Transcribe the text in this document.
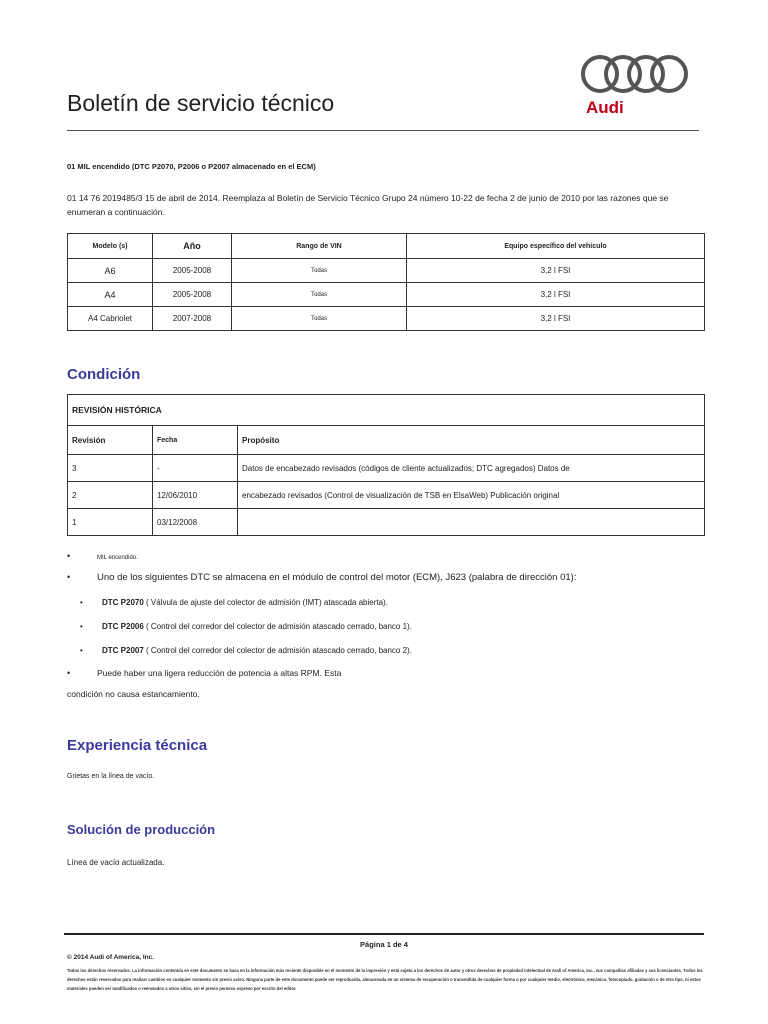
Boletín de servicio técnico	Audi
01 MIL encendido (DTC P2070, P2006 o P2007 almacenado en el ECM)
01 14 76 2019485/3 15 de abril de 2014. Reemplaza al Boletín de Servicio Técnico Grupo 24 número 10-22 de fecha 2 de junio de 2010 por las razones que se enumeran a continuación.
Modelo (s)	Año	Rango de VIN	Equipo específico del vehículo
A6	2005-2008	Todas	3,2 l FSI
A4	2005-2008	Todas	3,2 l FSI
A4 Cabriolet	2007-2008	Todas	3,2 l FSI
Condición
REVISIÓN HISTÓRICA		
Revisión	Fecha	Propósito
3	-	Datos de encabezado revisados (códigos de cliente actualizados; DTC agregados) Datos de
2	12/06/2010	encabezado revisados (Control de visualización de TSB en ElsaWeb) Publicación original
1	03/12/2008	
•	MIL encendido.
•	Uno de los siguientes DTC se almacena en el módulo de control del motor (ECM), J623 (palabra de dirección 01):
• DTC P2070 ( Válvula de ajuste del colector de admisión (IMT) atascada abierta).
• DTC P2006 ( Control del corredor del colector de admisión atascado cerrado, banco 1).
• DTC P2007 ( Control del corredor del colector de admisión atascado cerrado, banco 2).
•	Puede haber una ligera reducción de potencia a altas RPM. Esta
condición no causa estancamiento.
Experiencia técnica
Grietas en la línea de vacío.
Solución de producción
Línea de vacío actualizada.
Página 1 de 4
© 2014 Audi of America, Inc.
Todos los derechos reservados. La información contenida en este documento se basa en la información más reciente disponible en el momento de la impresión y está sujeta a los derechos de autor y otros derechos de propiedad intelectual de Audi of America, Inc., sus compañías afiliadas y sus licenciantes. Todos los derechos están reservados para realizar cambios en cualquier momento sin previo aviso. Ninguna parte de este documento puede ser reproducida, almacenada en un sistema de recuperación o transmitida de cualquier forma o por cualquier medio, electrónico, mecánico, fotocopiado, grabación o de otro tipo, ni estos materiales pueden ser modificados o reenviados a otros sitios, sin el previo permiso expreso por escrito del editor.
